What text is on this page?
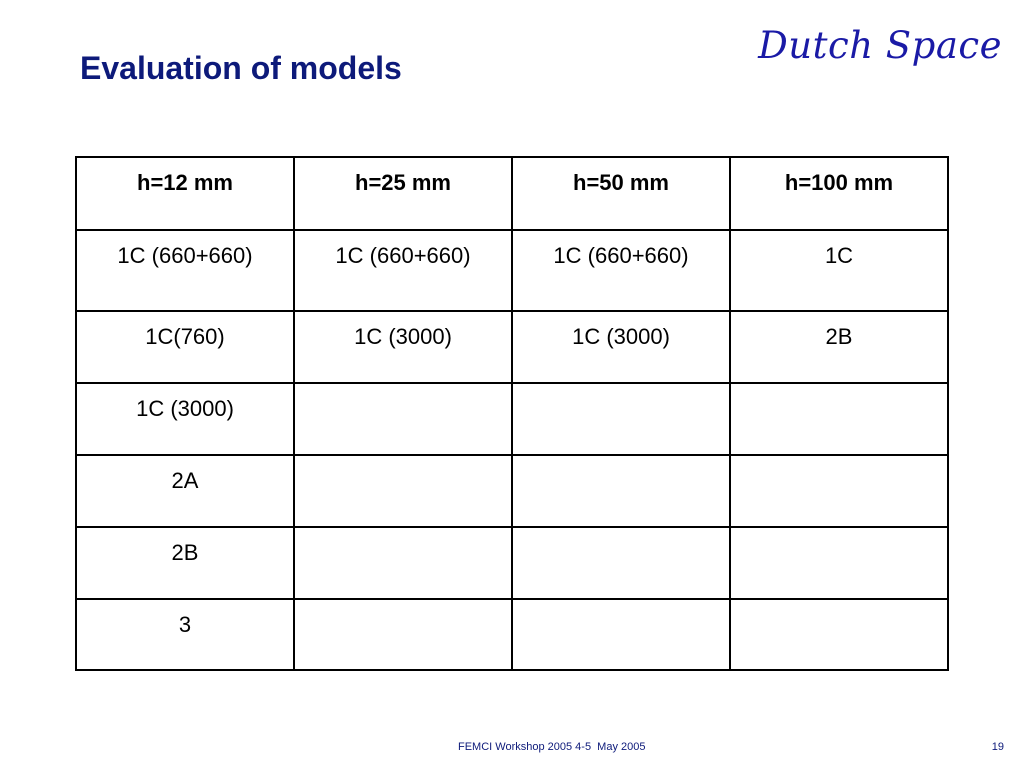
Dutch Space
Evaluation of models
h=12 mm	h=25 mm	h=50 mm	h=100 mm
1C (660+660)	1C (660+660)	1C (660+660)	1C
1C(760)	1C (3000)	1C (3000)	2B
1C (3000)			
2A			
2B			
3			
FEMCI Workshop 2005 4-5  May 2005	19
